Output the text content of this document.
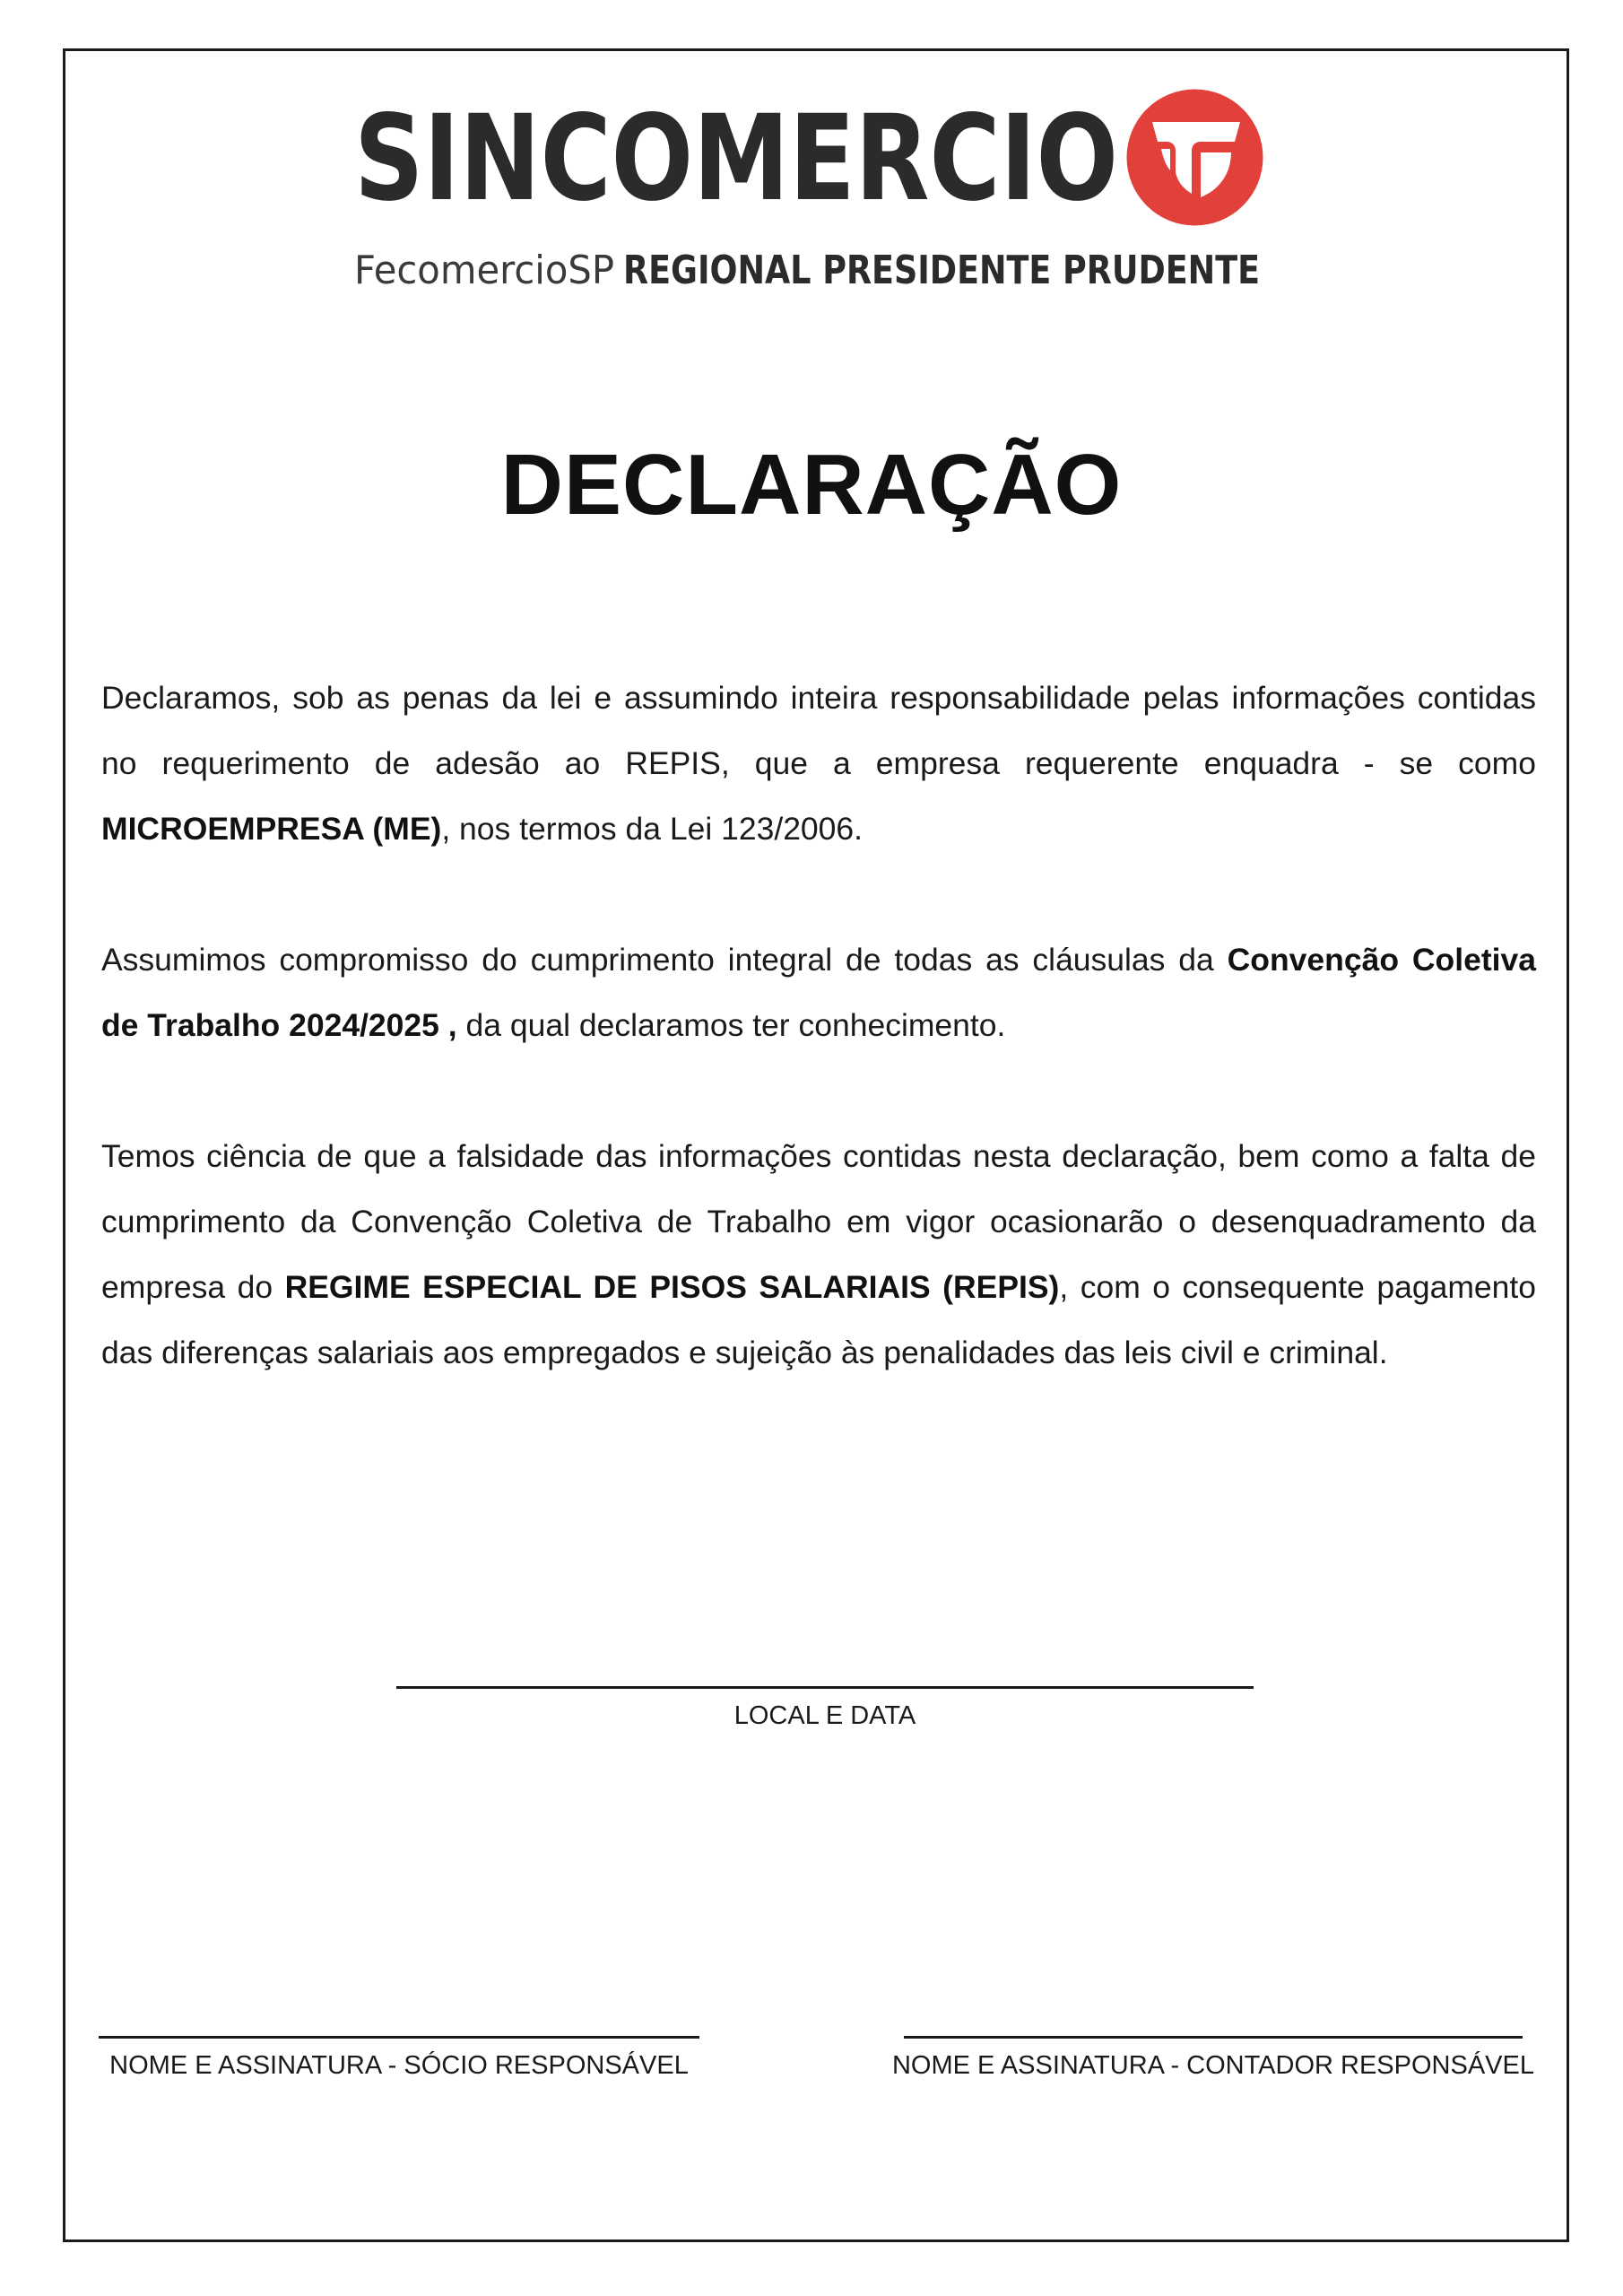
SINCOMERCIO
FecomercioSP REGIONAL PRESIDENTE PRUDENTE
DECLARAÇÃO
Declaramos, sob as penas da lei e assumindo inteira responsabilidade pelas informações contidas
no requerimento de adesão ao REPIS, que a empresa requerente enquadra - se como
MICROEMPRESA (ME), nos termos da Lei 123/2006.
Assumimos compromisso do cumprimento integral de todas as cláusulas da Convenção Coletiva
de Trabalho 2024/2025 , da qual declaramos ter conhecimento.
Temos ciência de que a falsidade das informações contidas nesta declaração, bem como a falta de
cumprimento da Convenção Coletiva de Trabalho em vigor ocasionarão o desenquadramento da
empresa do REGIME ESPECIAL DE PISOS SALARIAIS (REPIS), com o consequente pagamento
das diferenças salariais aos empregados e sujeição às penalidades das leis civil e criminal.
LOCAL E DATA
NOME E ASSINATURA - SÓCIO RESPONSÁVEL	NOME E ASSINATURA - CONTADOR RESPONSÁVEL
